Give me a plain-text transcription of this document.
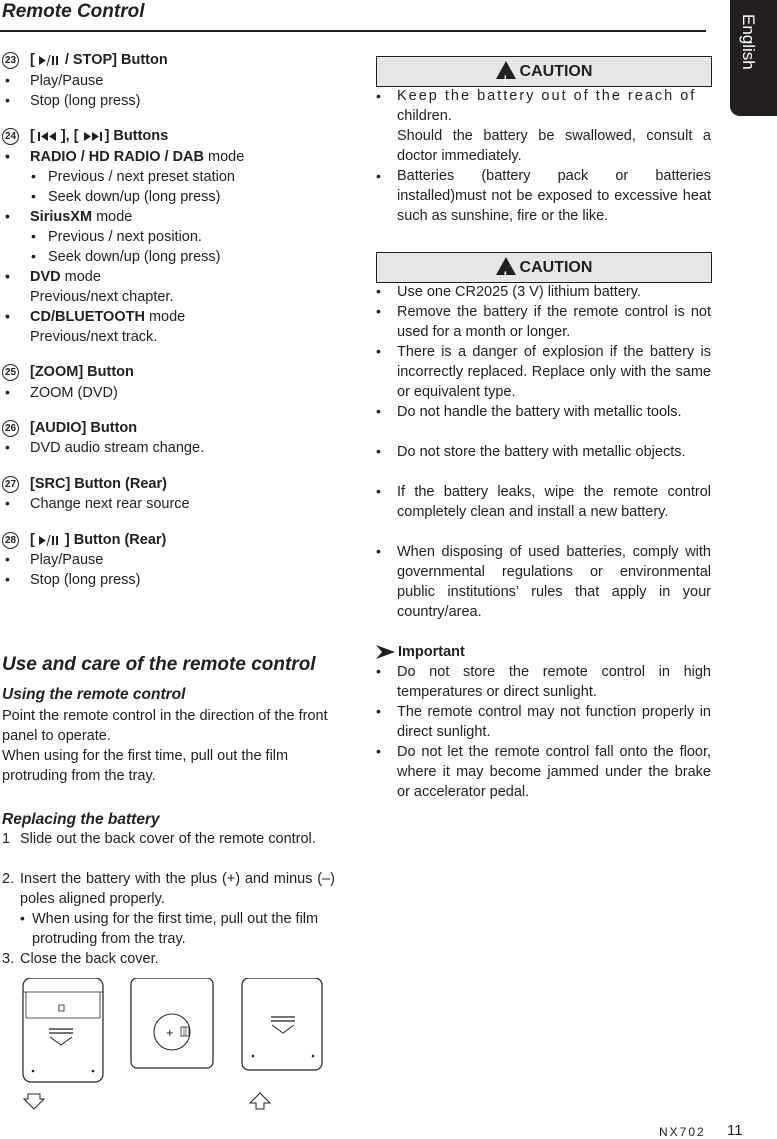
Remote Control
English
23 [ / STOP] Button
• Play/Pause
• Stop (long press)
24 [ ], [ ] Buttons
• RADIO / HD RADIO / DAB mode
• Previous / next preset station
• Seek down/up (long press)
• SiriusXM mode
• Previous / next position.
• Seek down/up (long press)
• DVD mode
Previous/next chapter.
• CD/BLUETOOTH mode
Previous/next track.
25 [ZOOM] Button
• ZOOM (DVD)
26 [AUDIO] Button
• DVD audio stream change.
27 [SRC] Button (Rear)
• Change next rear source
28 [ ] Button (Rear)
• Play/Pause
• Stop (long press)
Use and care of the remote control
Using the remote control
Point the remote control in the direction of the front panel to operate.
When using for the first time, pull out the film protruding from the tray.
Replacing the battery
1 Slide out the back cover of the remote control.
2. Insert the battery with the plus (+) and minus (–) poles aligned properly.
• When using for the first time, pull out the film protruding from the tray.
3. Close the back cover.
+
! CAUTION
• Keep the battery out of the reach of
children.
Should the battery be swallowed, consult a doctor immediately.
• Batteries (battery pack or batteries installed)must not be exposed to excessive heat such as sunshine, fire or the like.
! CAUTION
• Use one CR2025 (3 V) lithium battery.
• Remove the battery if the remote control is not used for a month or longer.
• There is a danger of explosion if the battery is incorrectly replaced. Replace only with the same or equivalent type.
• Do not handle the battery with metallic tools.
• Do not store the battery with metallic objects.
• If the battery leaks, wipe the remote control completely clean and install a new battery.
• When disposing of used batteries, comply with governmental regulations or environmental public institutions’ rules that apply in your country/area.
Important
• Do not store the remote control in high temperatures or direct sunlight.
• The remote control may not function properly in direct sunlight.
• Do not let the remote control fall onto the floor, where it may become jammed under the brake or accelerator pedal.
NX702 11
